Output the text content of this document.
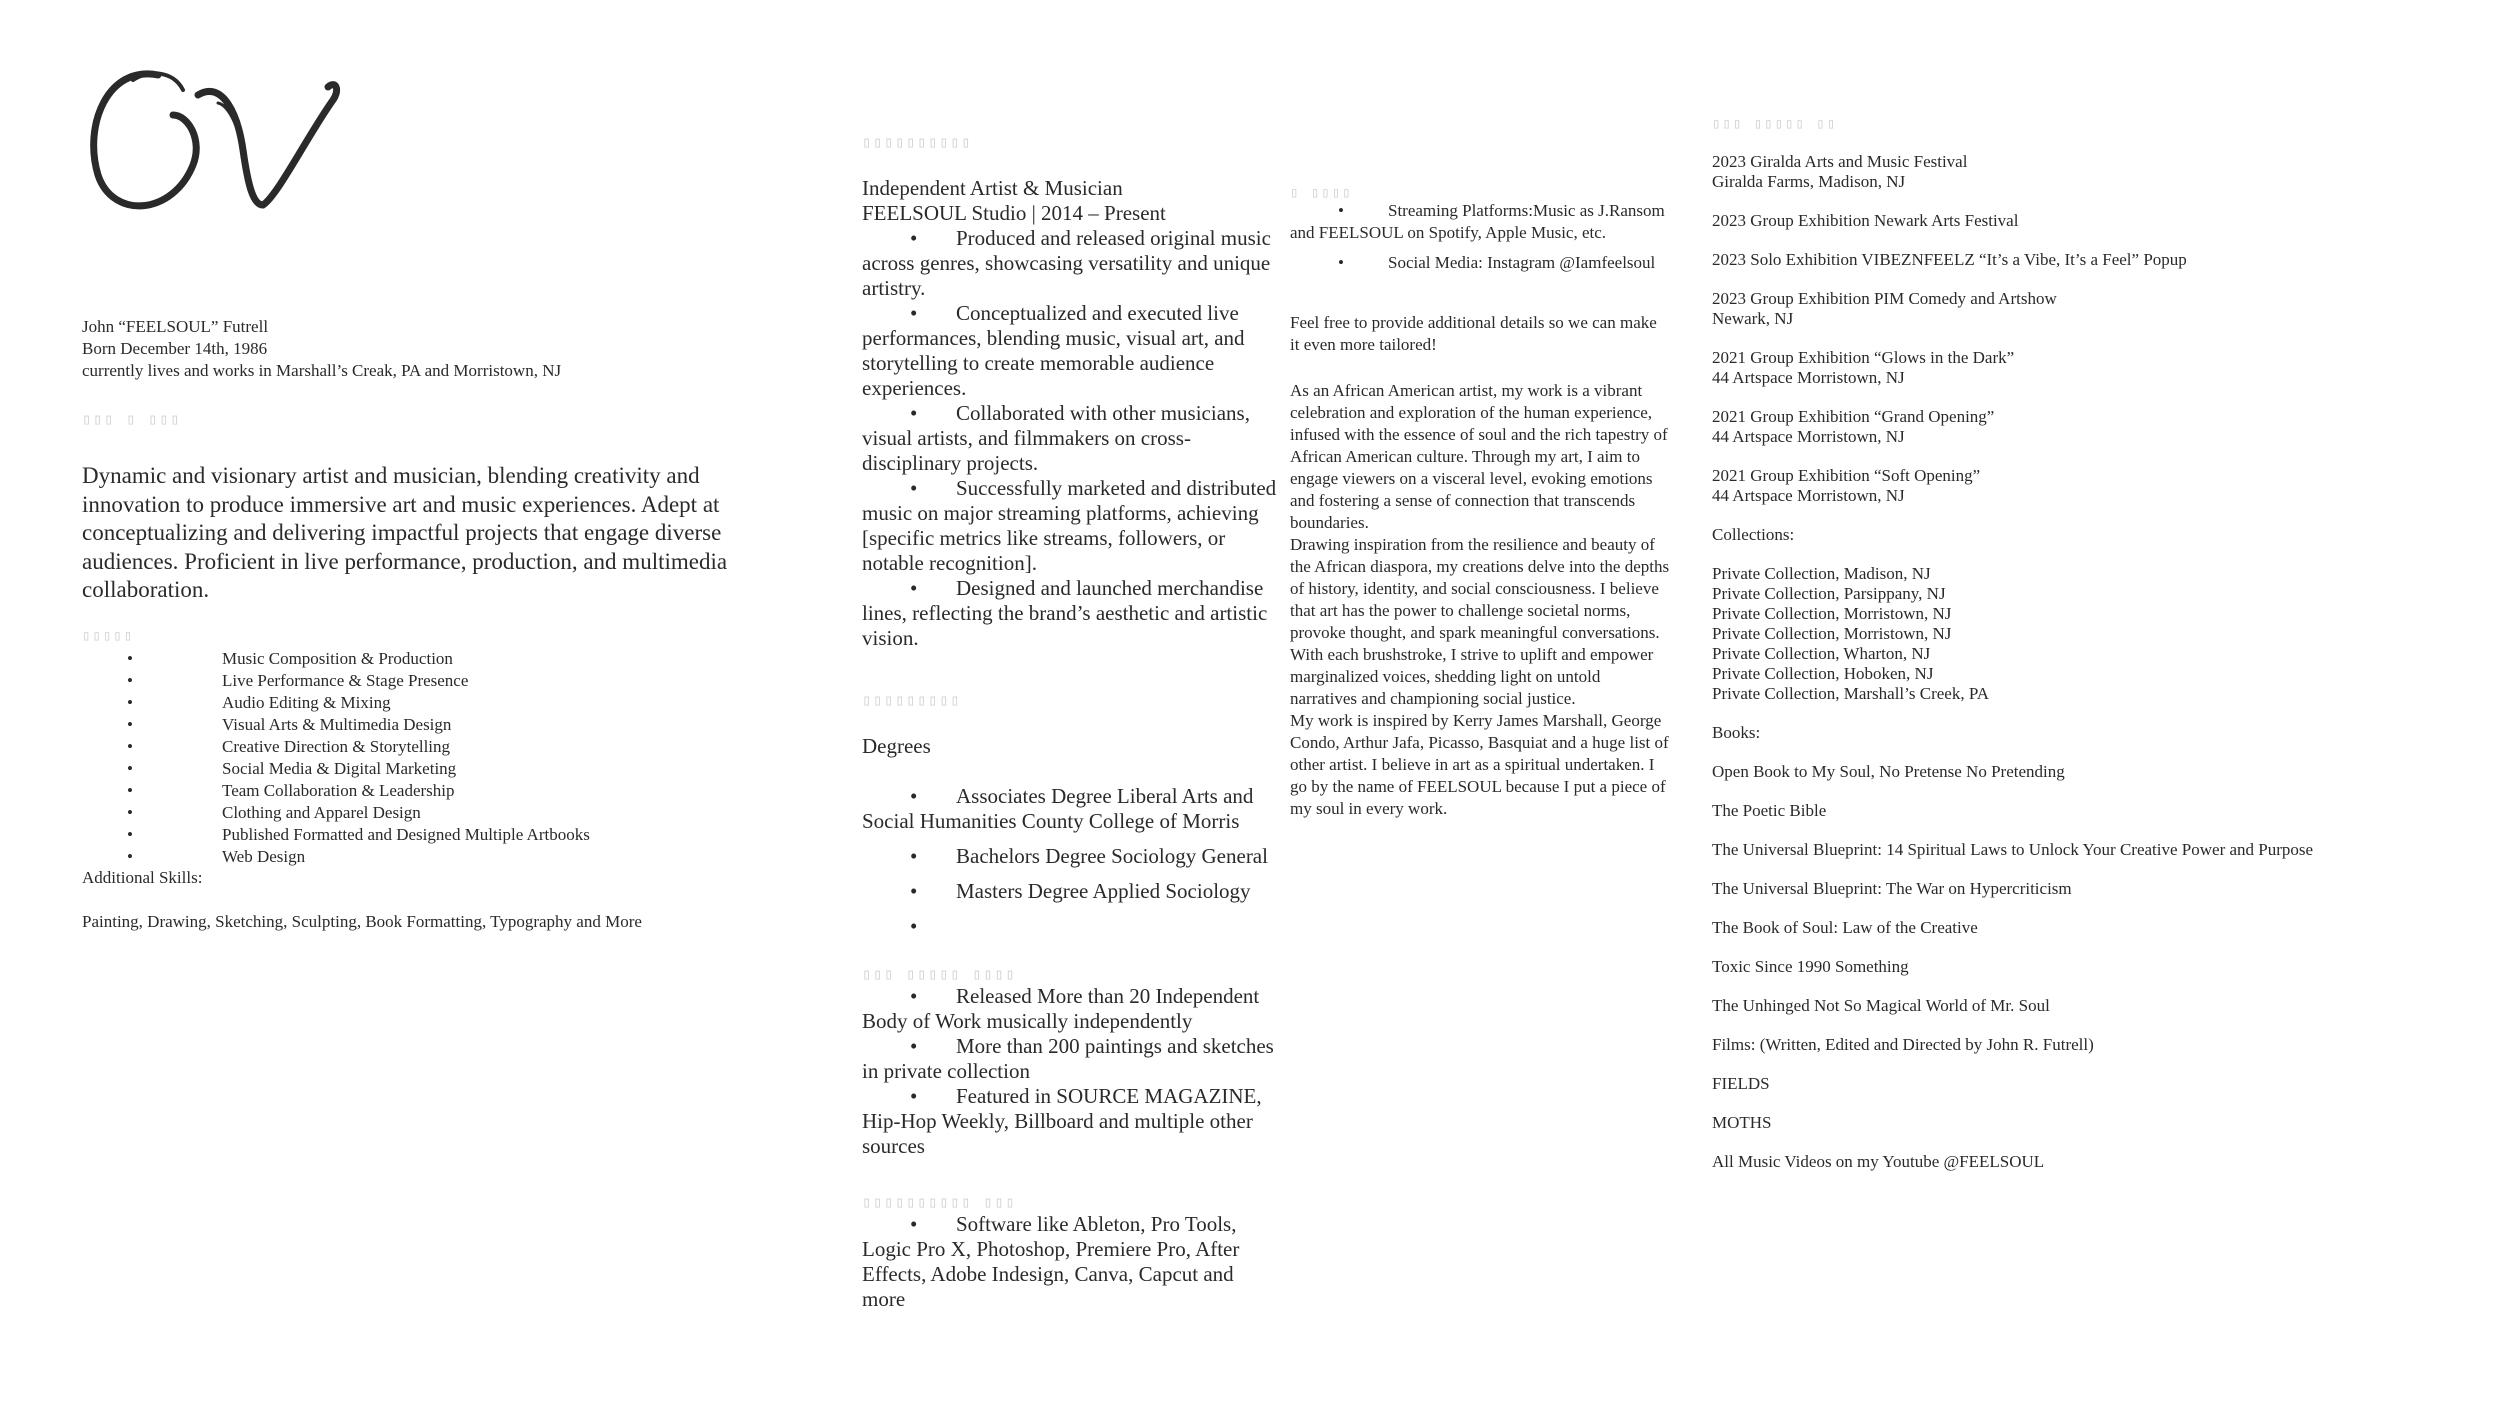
John “FEELSOUL” Futrell

Born December 14th, 1986

currently lives and works in Marshall’s Creak, PA and Morristown, NJ

▯▯▯ ▯ ▯▯▯

Dynamic and visionary artist and musician, blending creativity and innovation to produce immersive art and music experiences. Adept at conceptualizing and delivering impactful projects that engage diverse audiences. Proficient in live performance, production, and multimedia collaboration.

▯▯▯▯▯
•	Music Composition & Production
•	Live Performance & Stage Presence
•	Audio Editing & Mixing
•	Visual Arts & Multimedia Design
•	Creative Direction & Storytelling
•	Social Media & Digital Marketing
•	Team Collaboration & Leadership
•	Clothing and Apparel Design
•	Published Formatted and Designed Multiple Artbooks
•	Web Design

Additional Skills:

Painting, Drawing, Sketching, Sculpting, Book Formatting, Typography and More

▯▯▯▯▯▯▯▯▯▯

Independent Artist & Musician

FEELSOUL Studio | 2014 – Present

• Produced and released original music across genres, showcasing versatility and unique artistry.
• Conceptualized and executed live performances, blending music, visual art, and storytelling to create memorable audience experiences.
• Collaborated with other musicians, visual artists, and filmmakers on cross-disciplinary projects.
• Successfully marketed and distributed music on major streaming platforms, achieving [specific metrics like streams, followers, or notable recognition].
• Designed and launched merchandise lines, reflecting the brand’s aesthetic and artistic vision.
▯▯▯▯▯▯▯▯▯

Degrees

• Associates Degree Liberal Arts and Social Humanities County College of Morris
• Bachelors Degree Sociology General
• Masters Degree Applied Sociology
•
▯▯▯ ▯▯▯▯▯ ▯▯▯▯
• Released More than 20 Independent Body of Work musically independently
• More than 200 paintings and sketches in private collection
• Featured in SOURCE MAGAZINE, Hip-Hop Weekly, Billboard and multiple other sources
▯▯▯▯▯▯▯▯▯▯ ▯▯▯
• Software like Ableton, Pro Tools, Logic Pro X, Photoshop, Premiere Pro, After Effects, Adobe Indesign, Canva, Capcut and more
▯ ▯▯▯▯
•	Streaming Platforms:Music as J.Ransom and FEELSOUL on Spotify, Apple Music, etc.
•	Social Media: Instagram @Iamfeelsoul

Feel free to provide additional details so we can make it even more tailored!

As an African American artist, my work is a vibrant celebration and exploration of the human experience, infused with the essence of soul and the rich tapestry of African American culture. Through my art, I aim to engage viewers on a visceral level, evoking emotions and fostering a sense of connection that transcends boundaries.

Drawing inspiration from the resilience and beauty of the African diaspora, my creations delve into the depths of history, identity, and social consciousness. I believe that art has the power to challenge societal norms, provoke thought, and spark meaningful conversations. With each brushstroke, I strive to uplift and empower marginalized voices, shedding light on untold narratives and championing social justice.

My work is inspired by Kerry James Marshall, George Condo, Arthur Jafa, Picasso, Basquiat and a huge list of other artist. I believe in art as a spiritual undertaken. I go by the name of FEELSOUL because I put a piece of my soul in every work.

▯▯▯ ▯▯▯▯▯ ▯▯

2023 Giralda Arts and Music Festival

Giralda Farms, Madison, NJ

2023 Group Exhibition Newark Arts Festival

2023 Solo Exhibition VIBEZNFEELZ “It’s a Vibe, It’s a Feel” Popup

2023 Group Exhibition PIM Comedy and Artshow

Newark, NJ

2021 Group Exhibition “Glows in the Dark”

44 Artspace Morristown, NJ

2021 Group Exhibition “Grand Opening”

44 Artspace Morristown, NJ

2021 Group Exhibition “Soft Opening”

44 Artspace Morristown, NJ

Collections:

Private Collection, Madison, NJ

Private Collection, Parsippany, NJ

Private Collection, Morristown, NJ

Private Collection, Morristown, NJ

Private Collection, Wharton, NJ

Private Collection, Hoboken, NJ

Private Collection, Marshall’s Creek, PA

Books:

Open Book to My Soul, No Pretense No Pretending

The Poetic Bible

The Universal Blueprint: 14 Spiritual Laws to Unlock Your Creative Power and Purpose

The Universal Blueprint: The War on Hypercriticism

The Book of Soul: Law of the Creative

Toxic Since 1990 Something

The Unhinged Not So Magical World of Mr. Soul

Films: (Written, Edited and Directed by John R. Futrell)

FIELDS

MOTHS

All Music Videos on my Youtube @FEELSOUL
